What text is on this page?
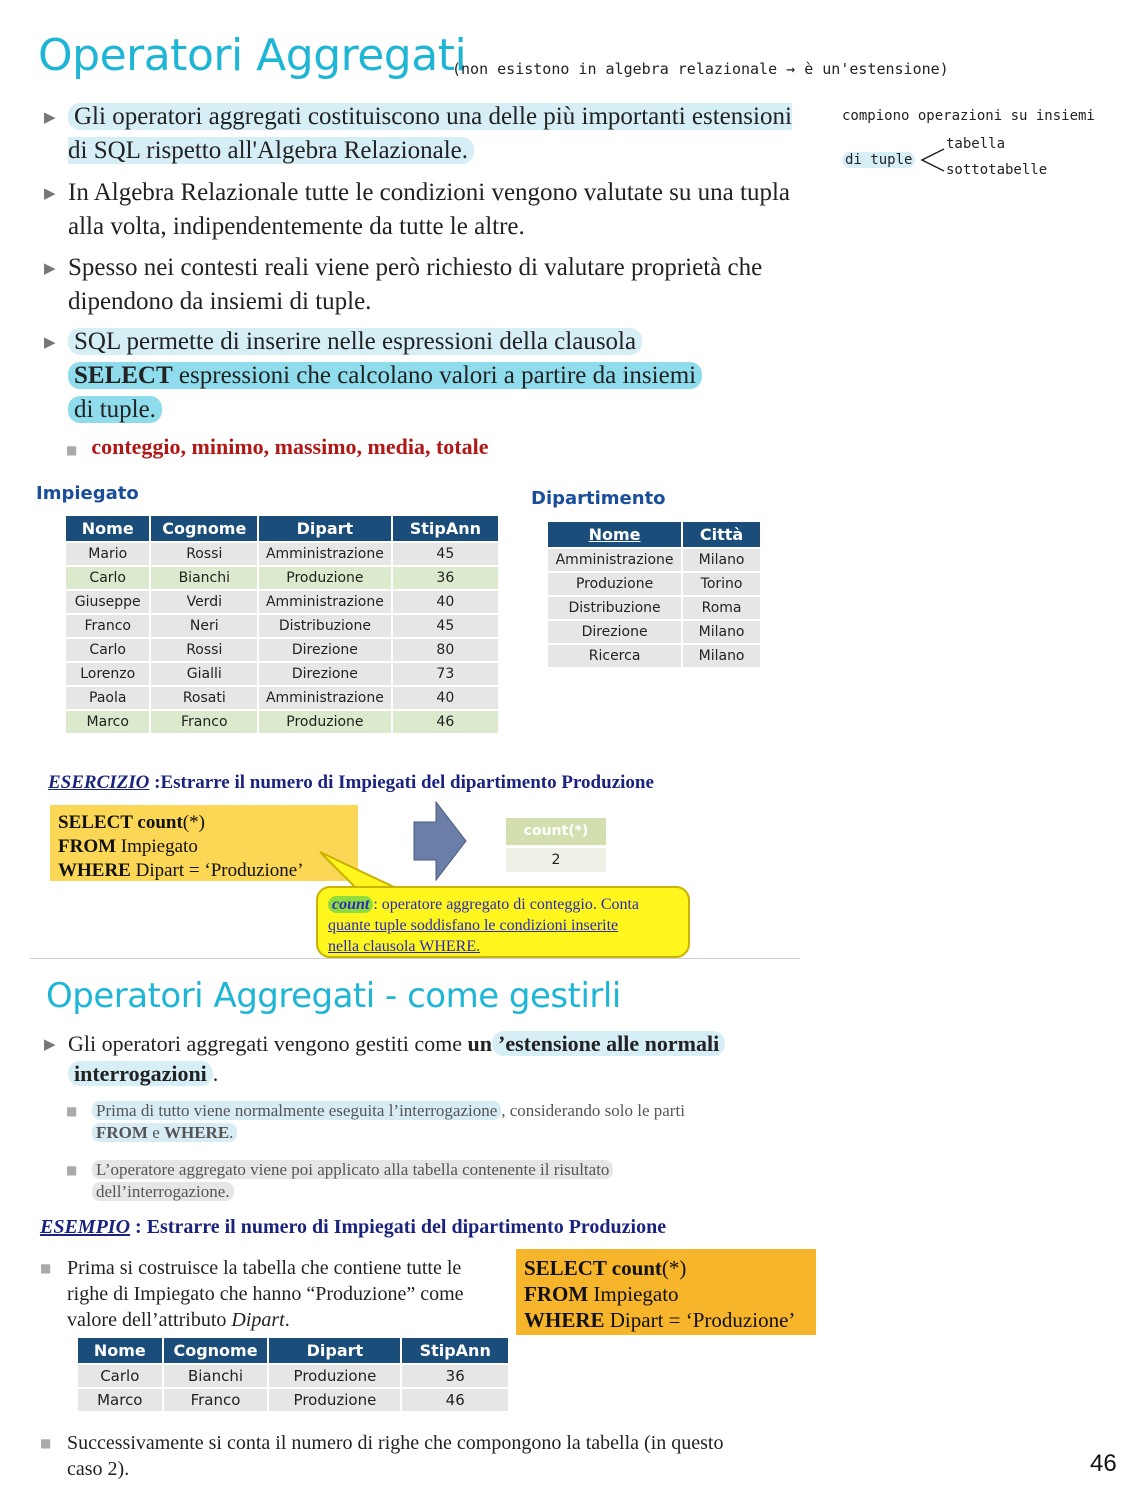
Operatori Aggregati
(non esistono in algebra relazionale → è un'estensione)
compiono operazioni su insiemi
di tuple
tabella
sottotabelle
▶ Gli operatori aggregati costituiscono una delle più importanti estensioni di SQL rispetto all'Algebra Relazionale.
▶ In Algebra Relazionale tutte le condizioni vengono valutate su una tupla alla volta, indipendentemente da tutte le altre.
▶ Spesso nei contesti reali viene però richiesto di valutare proprietà che dipendono da insiemi di tuple.
▶ SQL permette di inserire nelle espressioni della clausola
SELECT espressioni che calcolano valori a partire da insiemi
di tuple.
■ conteggio, minimo, massimo, media, totale
Impiegato
Nome	Cognome	Dipart	StipAnn
Mario	Rossi	Amministrazione	45
Carlo	Bianchi	Produzione	36
Giuseppe	Verdi	Amministrazione	40
Franco	Neri	Distribuzione	45
Carlo	Rossi	Direzione	80
Lorenzo	Gialli	Direzione	73
Paola	Rosati	Amministrazione	40
Marco	Franco	Produzione	46
Dipartimento
Nome	Città
Amministrazione	Milano
Produzione	Torino
Distribuzione	Roma
Direzione	Milano
Ricerca	Milano
ESERCIZIO :Estrarre il numero di Impiegati del dipartimento Produzione
SELECT count(*)
FROM Impiegato
WHERE Dipart = ‘Produzione’
count(*)
2
count : operatore aggregato di conteggio. Conta
quante tuple soddisfano le condizioni inserite
nella clausola WHERE.
Operatori Aggregati - come gestirli
▶ Gli operatori aggregati vengono gestiti come un ’estensione alle normali
interrogazioni .
■ Prima di tutto viene normalmente eseguita l’interrogazione , considerando solo le parti
FROM e WHERE.
■ L’operatore aggregato viene poi applicato alla tabella contenente il risultato
dell’interrogazione.
ESEMPIO : Estrarre il numero di Impiegati del dipartimento Produzione
■ Prima si costruisce la tabella che contiene tutte le
righe di Impiegato che hanno “Produzione” come
valore dell’attributo Dipart.
SELECT count(*)
FROM Impiegato
WHERE Dipart = ‘Produzione’
Nome	Cognome	Dipart	StipAnn
Carlo	Bianchi	Produzione	36
Marco	Franco	Produzione	46
■ Successivamente si conta il numero di righe che compongono la tabella (in questo
caso 2).	46
